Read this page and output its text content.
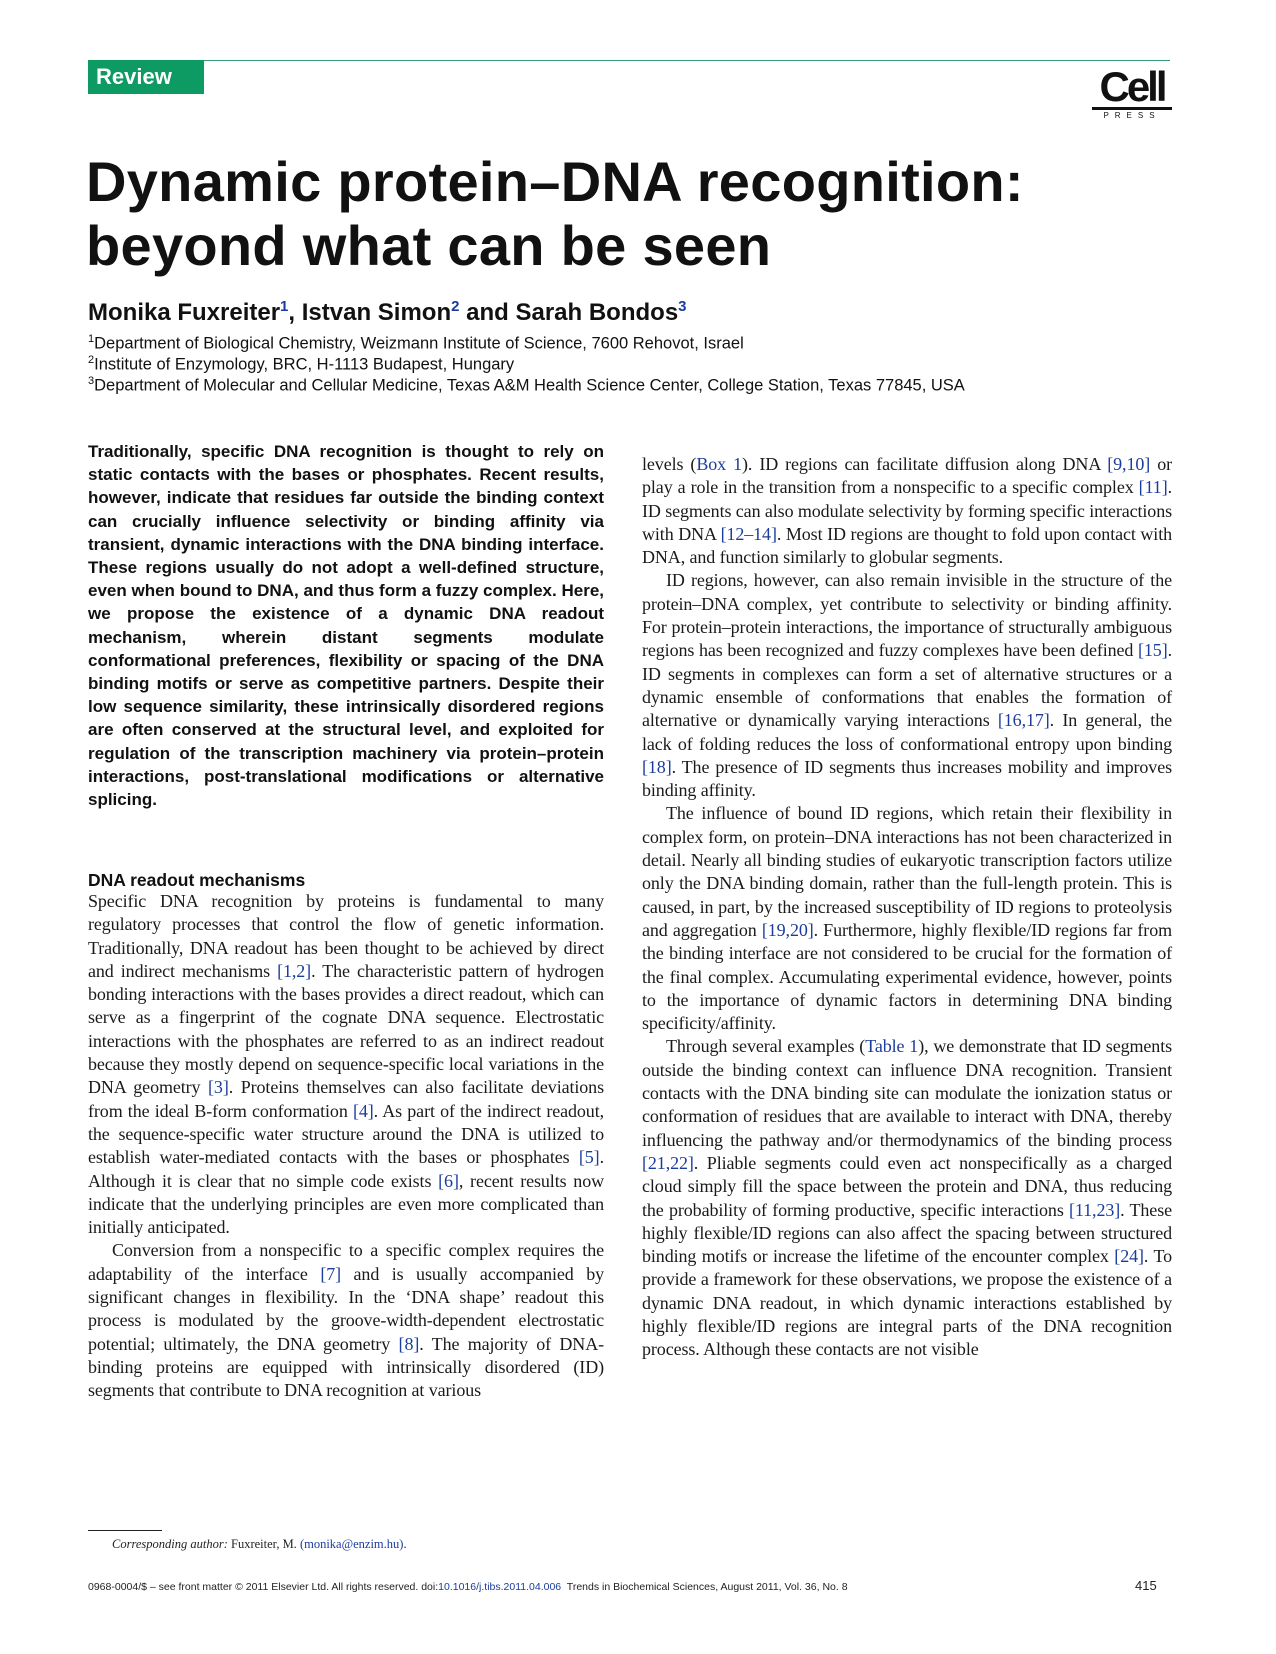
Review	Cell
PRESS
Dynamic protein–DNA recognition:
beyond what can be seen
Monika Fuxreiter$^1$, Istvan Simon$^2$ and Sarah Bondos$^3$
$^1$Department of Biological Chemistry, Weizmann Institute of Science, 7600 Rehovot, Israel
$^2$Institute of Enzymology, BRC, H-1113 Budapest, Hungary
$^3$Department of Molecular and Cellular Medicine, Texas A&M Health Science Center, College Station, Texas 77845, USA
Traditionally, specific DNA recognition is thought to rely on static contacts with the bases or phosphates. Recent results, however, indicate that residues far outside the binding context can crucially influence selectivity or binding affinity via transient, dynamic interactions with the DNA binding interface. These regions usually do not adopt a well-defined structure, even when bound to DNA, and thus form a fuzzy complex. Here, we propose the existence of a dynamic DNA readout mechanism, wherein distant segments modulate conformational preferences, flexibility or spacing of the DNA binding motifs or serve as competitive partners. Despite their low sequence similarity, these intrinsically disordered regions are often conserved at the structural level, and exploited for regulation of the transcription machinery via protein–protein interactions, post-translational modifications or alternative splicing.
DNA readout mechanisms

Specific DNA recognition by proteins is fundamental to many regulatory processes that control the flow of genetic information. Traditionally, DNA readout has been thought to be achieved by direct and indirect mechanisms [1,2]. The characteristic pattern of hydrogen bonding interactions with the bases provides a direct readout, which can serve as a fingerprint of the cognate DNA sequence. Electrostatic interactions with the phosphates are referred to as an indirect readout because they mostly depend on sequence-specific local variations in the DNA geometry [3]. Proteins themselves can also facilitate deviations from the ideal B-form conformation [4]. As part of the indirect readout, the sequence-specific water structure around the DNA is utilized to establish water-mediated contacts with the bases or phosphates [5]. Although it is clear that no simple code exists [6], recent results now indicate that the underlying principles are even more complicated than initially anticipated.

Conversion from a nonspecific to a specific complex requires the adaptability of the interface [7] and is usually accompanied by significant changes in flexibility. In the ‘DNA shape’ readout this process is modulated by the groove-width-dependent electrostatic potential; ultimately, the DNA geometry [8]. The majority of DNA-binding proteins are equipped with intrinsically disordered (ID) segments that contribute to DNA recognition at various

levels (Box 1). ID regions can facilitate diffusion along DNA [9,10] or play a role in the transition from a nonspecific to a specific complex [11]. ID segments can also modulate selectivity by forming specific interactions with DNA [12–14]. Most ID regions are thought to fold upon contact with DNA, and function similarly to globular segments.

ID regions, however, can also remain invisible in the structure of the protein–DNA complex, yet contribute to selectivity or binding affinity. For protein–protein interactions, the importance of structurally ambiguous regions has been recognized and fuzzy complexes have been defined [15]. ID segments in complexes can form a set of alternative structures or a dynamic ensemble of conformations that enables the formation of alternative or dynamically varying interactions [16,17]. In general, the lack of folding reduces the loss of conformational entropy upon binding [18]. The presence of ID segments thus increases mobility and improves binding affinity.

The influence of bound ID regions, which retain their flexibility in complex form, on protein–DNA interactions has not been characterized in detail. Nearly all binding studies of eukaryotic transcription factors utilize only the DNA binding domain, rather than the full-length protein. This is caused, in part, by the increased susceptibility of ID regions to proteolysis and aggregation [19,20]. Furthermore, highly flexible/ID regions far from the binding interface are not considered to be crucial for the formation of the final complex. Accumulating experimental evidence, however, points to the importance of dynamic factors in determining DNA binding specificity/affinity.

Through several examples (Table 1), we demonstrate that ID segments outside the binding context can influence DNA recognition. Transient contacts with the DNA binding site can modulate the ionization status or conformation of residues that are available to interact with DNA, thereby influencing the pathway and/or thermodynamics of the binding process [21,22]. Pliable segments could even act nonspecifically as a charged cloud simply fill the space between the protein and DNA, thus reducing the probability of forming productive, specific interactions [11,23]. These highly flexible/ID regions can also affect the spacing between structured binding motifs or increase the lifetime of the encounter complex [24]. To provide a framework for these observations, we propose the existence of a dynamic DNA readout, in which dynamic interactions established by highly flexible/ID regions are integral parts of the DNA recognition process. Although these contacts are not visible

Corresponding author: Fuxreiter, M. (monika@enzim.hu).
0968-0004/$ – see front matter © 2011 Elsevier Ltd. All rights reserved. doi:10.1016/j.tibs.2011.04.006  Trends in Biochemical Sciences, August 2011, Vol. 36, No. 8	415
